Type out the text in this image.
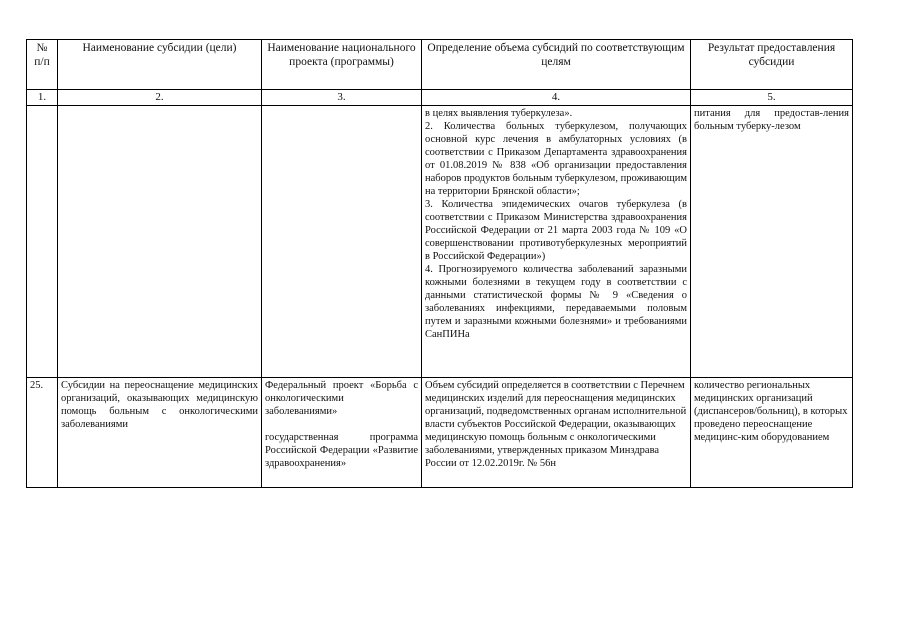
№
п/п	Наименование субсидии (цели)	Наименование национального проекта (программы)	Определение объема субсидий по соответствующим целям	Результат предоставления субсидии
1.	2.	3.	4.	5.

			в целях выявления туберкулеза».
2. Количества больных туберкулезом, получающих основной курс лечения в амбулаторных условиях (в соответствии с Приказом Департамента здравоохранения от 01.08.2019 № 838 «Об организации предоставления наборов продуктов больным туберкулезом, проживающим на территории Брянской области»;
3. Количества эпидемических очагов туберкулеза (в соответствии с Приказом Министерства здравоохранения Российской Федерации от 21 марта 2003 года № 109 «О совершенствовании противотуберкулезных мероприятий в Российской Федерации»)
4. Прогнозируемого количества заболеваний заразными кожными болезнями в текущем году в соответствии с данными статистической формы № 9 «Сведения о заболеваниях инфекциями, передаваемыми половым путем и заразными кожными болезнями» и требованиями СанПИНа	питания для предостав-ления больным туберку-лезом
25.	Субсидии на переоснащение медицинских организаций, оказывающих медицинскую помощь больным с онкологическими заболеваниями	Федеральный проект «Борьба с онкологическими заболеваниями»
государственная программа Российской Федерации «Развитие здравоохранения»	Объем субсидий определяется в соответствии с Перечнем медицинских изделий для переоснащения медицинских организаций, подведомственных органам исполнительной власти субъектов Российской Федерации, оказывающих медицинскую помощь больным с онкологическими заболеваниями, утвержденных приказом Минздрава России от 12.02.2019г. № 56н	количество региональных медицинских организаций (диспансеров/больниц), в которых проведено переоснащение медицинс-ким оборудованием
